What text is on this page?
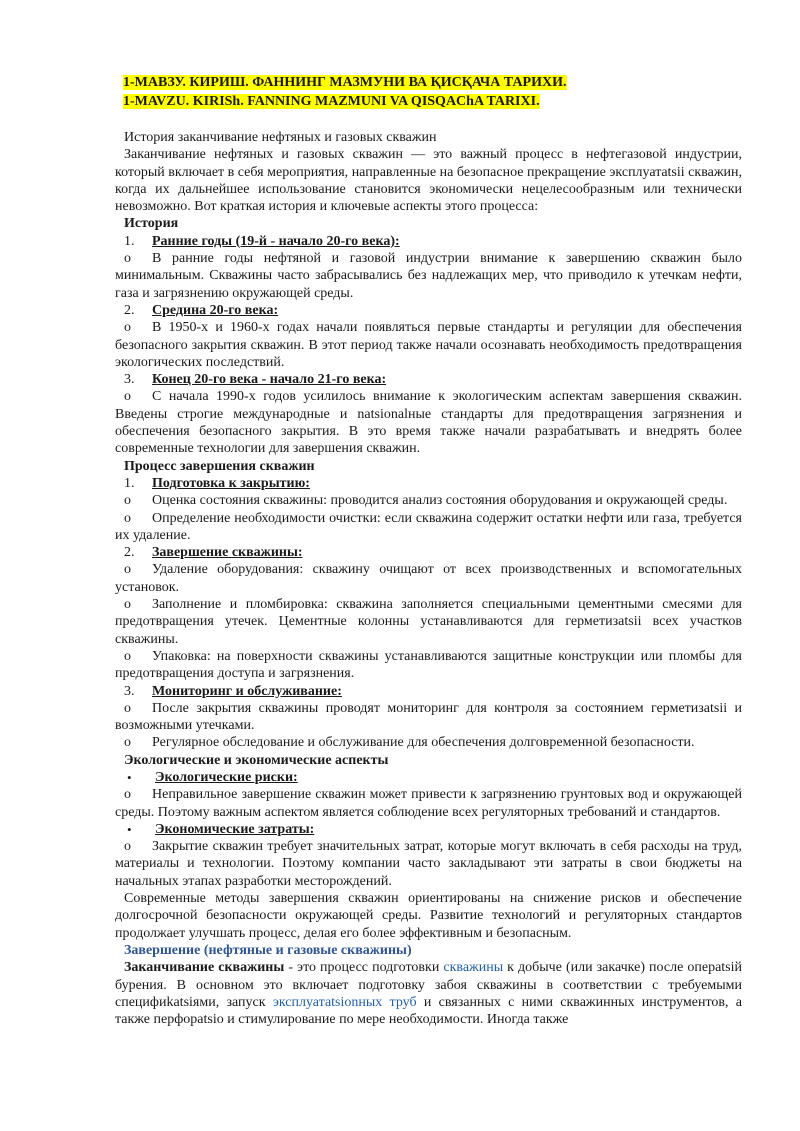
1-МАВЗУ. КИРИШ. ФАННИНГ МАЗМУНИ ВА ҚИСҚАЧА ТАРИХИ.
1-MAVZU. KIRISh. FANNING MAZMUNI VA QISQAChA TARIXI.

История заканчивание нефтяных и газовых скважин

Заканчивание нефтяных и газовых скважин — это важный процесс в нефтегазовой индустрии, который включает в себя мероприятия, направленные на безопасное прекращение эксплуатatsii скважин, когда их дальнейшее использование становится экономически нецелесообразным или технически невозможно. Вот краткая история и ключевые аспекты этого процесса:

История

1.	Ранние годы (19-й - начало 20-го века):

o В ранние годы нефтяной и газовой индустрии внимание к завершению скважин было минимальным. Скважины часто забрасывались без надлежащих мер, что приводило к утечкам нефти, газа и загрязнению окружающей среды.

2.	Средина 20-го века:

o В 1950-х и 1960-х годах начали появляться первые стандарты и регуляции для обеспечения безопасного закрытия скважин. В этот период также начали осознавать необходимость предотвращения экологических последствий.

3.	Конец 20-го века - начало 21-го века:

o С начала 1990-х годов усилилось внимание к экологическим аспектам завершения скважин. Введены строгие международные и natsionalные стандарты для предотвращения загрязнения и обеспечения безопасного закрытия. В это время также начали разрабатывать и внедрять более современные технологии для завершения скважин.

Процесс завершения скважин

1.	Подготовка к закрытию:

o Оценка состояния скважины: проводится анализ состояния оборудования и окружающей среды.

o Определение необходимости очистки: если скважина содержит остатки нефти или газа, требуется их удаление.

2.	Завершение скважины:

o Удаление оборудования: скважину очищают от всех производственных и вспомогательных установок.

o Заполнение и пломбировка: скважина заполняется специальными цементными смесями для предотвращения утечек. Цементные колонны устанавливаются для герметизatsii всех участков скважины.

o Упаковка: на поверхности скважины устанавливаются защитные конструкции или пломбы для предотвращения доступа и загрязнения.

3.	Мониторинг и обслуживание:

o После закрытия скважины проводят мониторинг для контроля за состоянием герметизatsii и возможными утечками.

o Регулярное обследование и обслуживание для обеспечения долговременной безопасности.

Экологические и экономические аспекты

•	Экологические риски:

o Неправильное завершение скважин может привести к загрязнению грунтовых вод и окружающей среды. Поэтому важным аспектом является соблюдение всех регуляторных требований и стандартов.

•	Экономические затраты:

o Закрытие скважин требует значительных затрат, которые могут включать в себя расходы на труд, материалы и технологии. Поэтому компании часто закладывают эти затраты в свои бюджеты на начальных этапах разработки месторождений.

Современные методы завершения скважин ориентированы на снижение рисков и обеспечение долгосрочной безопасности окружающей среды. Развитие технологий и регуляторных стандартов продолжает улучшать процесс, делая его более эффективным и безопасным.

Завершение (нефтяные и газовые скважины)

Заканчивание скважины - это процесс подготовки скважины к добыче (или закачке) после операtsiй бурения. В основном это включает подготовку забоя скважины в соответствии с требуемыми специфиkatsiями, запуск эксплуатаtsionных труб и связанных с ними скважинных инструментов, а также перфораtsio и стимулирование по мере необходимости. Иногда также
